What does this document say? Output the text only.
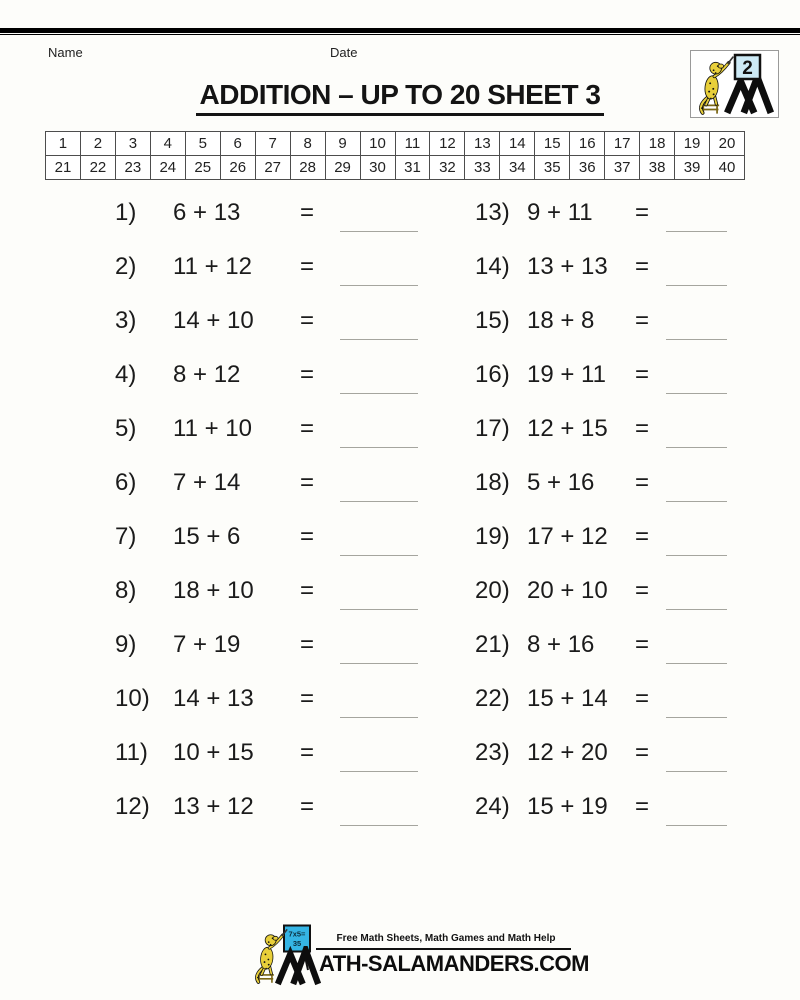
Name	Date
2
ADDITION – UP TO 20 SHEET 3
1	2	3	4	5	6	7	8	9	10	11	12	13	14	15	16	17	18	19	20
21	22	23	24	25	26	27	28	29	30	31	32	33	34	35	36	37	38	39	40
1)	6 + 13	=
2)	11 + 12	=
3)	14 + 10	=
4)	8 + 12	=
5)	11 + 10	=
6)	7 + 14	=
7)	15 + 6	=
8)	18 + 10	=
9)	7 + 19	=
10) 14 + 13	=
11)	10 + 15	=
12) 13 + 12	=
13) 9 + 11	=
14) 13 + 13	=
15) 18 + 8	=
16) 19 + 11	=
17) 12 + 15	=
18) 5 + 16	=
19) 17 + 12	=
20) 20 + 10	=
21) 8 + 16	=
22) 15 + 14	=
23) 12 + 20	=
24) 15 + 19	=
7x5=
35	Free Math Sheets, Math Games and Math Help
ATH-SALAMANDERS.COM
